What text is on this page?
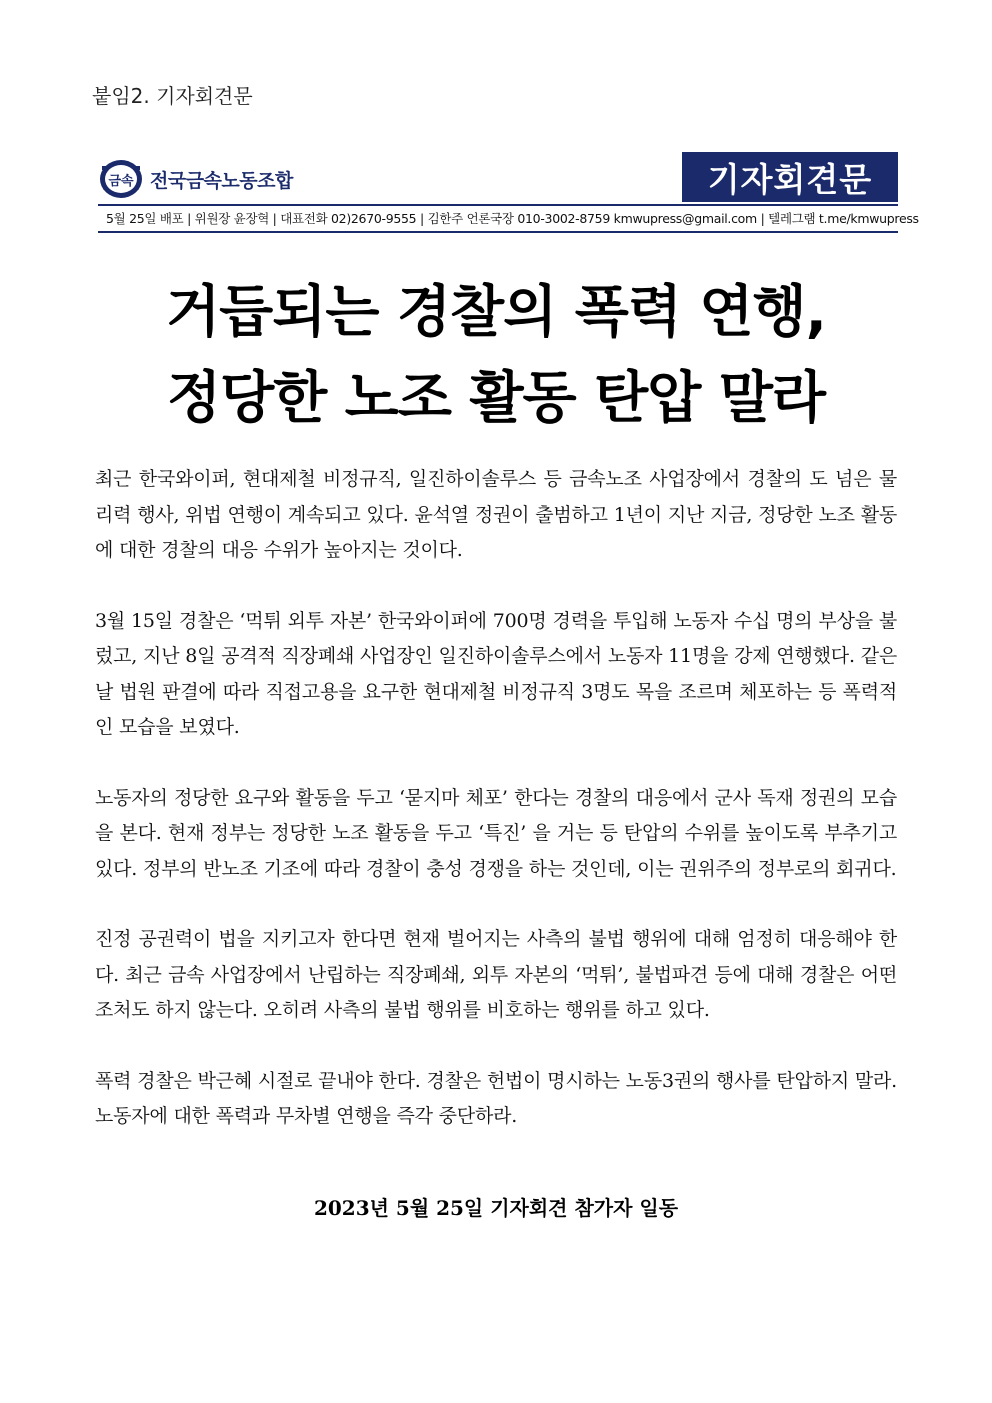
붙임2. 기자회견문
금속 전국금속노동조합	기자회견문
5월 25일 배포 | 위원장 윤장혁 | 대표전화 02)2670-9555 | 김한주 언론국장 010-3002-8759 kmwupress@gmail.com | 텔레그램 t.me/kmwupress
거듭되는 경찰의 폭력 연행,
정당한 노조 활동 탄압 말라

최근 한국와이퍼, 현대제철 비정규직, 일진하이솔루스 등 금속노조 사업장에서 경찰의 도 넘은 물리력 행사, 위법 연행이 계속되고 있다. 윤석열 정권이 출범하고 1년이 지난 지금, 정당한 노조 활동에 대한 경찰의 대응 수위가 높아지는 것이다.

3월 15일 경찰은 ‘먹튀 외투 자본’ 한국와이퍼에 700명 경력을 투입해 노동자 수십 명의 부상을 불렀고, 지난 8일 공격적 직장폐쇄 사업장인 일진하이솔루스에서 노동자 11명을 강제 연행했다. 같은 날 법원 판결에 따라 직접고용을 요구한 현대제철 비정규직 3명도 목을 조르며 체포하는 등 폭력적인 모습을 보였다.

노동자의 정당한 요구와 활동을 두고 ‘묻지마 체포’ 한다는 경찰의 대응에서 군사 독재 정권의 모습을 본다. 현재 정부는 정당한 노조 활동을 두고 ‘특진’ 을 거는 등 탄압의 수위를 높이도록 부추기고 있다. 정부의 반노조 기조에 따라 경찰이 충성 경쟁을 하는 것인데, 이는 권위주의 정부로의 회귀다.

진정 공권력이 법을 지키고자 한다면 현재 벌어지는 사측의 불법 행위에 대해 엄정히 대응해야 한다. 최근 금속 사업장에서 난립하는 직장폐쇄, 외투 자본의 ‘먹튀’, 불법파견 등에 대해 경찰은 어떤 조처도 하지 않는다. 오히려 사측의 불법 행위를 비호하는 행위를 하고 있다.

폭력 경찰은 박근혜 시절로 끝내야 한다. 경찰은 헌법이 명시하는 노동3권의 행사를 탄압하지 말라. 노동자에 대한 폭력과 무차별 연행을 즉각 중단하라.

2023년 5월 25일 기자회견 참가자 일동
